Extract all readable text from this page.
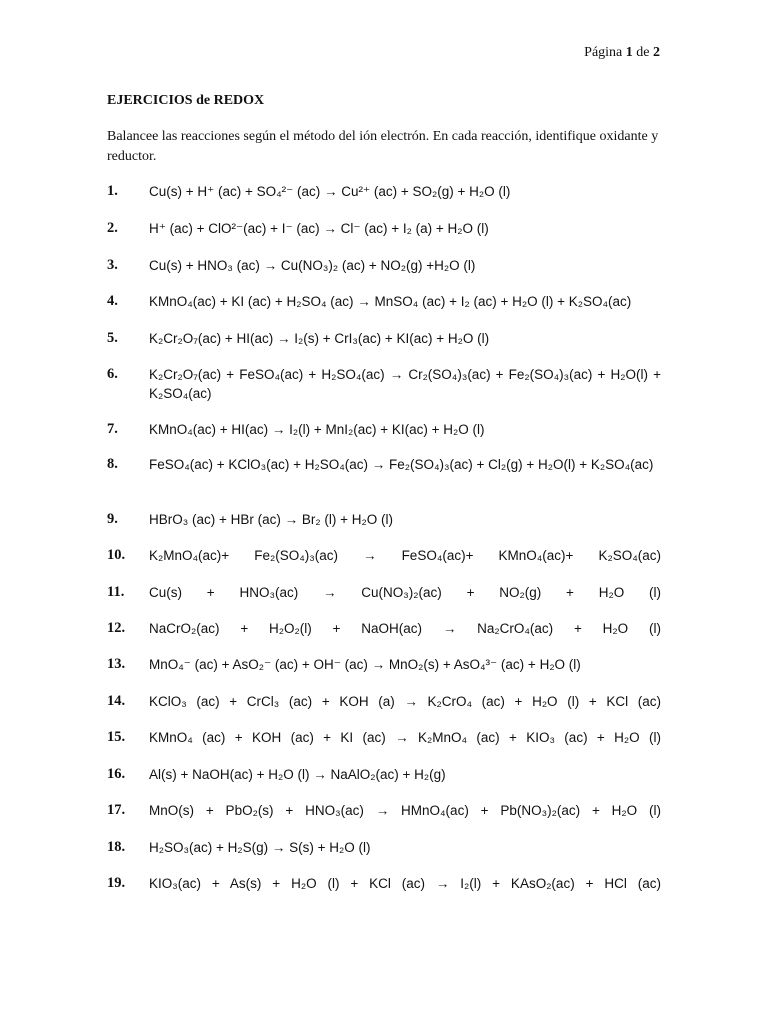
Página 1 de 2
EJERCICIOS de REDOX
Balancee las reacciones según el método del ión electrón. En cada reacción, identifique oxidante y reductor.
1.	Cu(s) + H⁺ (ac) + SO₄²⁻ (ac) → Cu²⁺ (ac) + SO₂(g) + H₂O (l)
2.	H⁺ (ac) + ClO²⁻(ac) + I⁻ (ac) → Cl⁻ (ac) + I₂ (a) + H₂O (l)
3.	Cu(s) + HNO₃ (ac) → Cu(NO₃)₂ (ac) + NO₂(g) +H₂O (l)
4.	KMnO₄(ac) + KI (ac) + H₂SO₄ (ac) → MnSO₄ (ac) + I₂ (ac) + H₂O (l) + K₂SO₄(ac)
5.	K₂Cr₂O₇(ac) + HI(ac) → I₂(s) + CrI₃(ac) + KI(ac) + H₂O (l)
6.	K₂Cr₂O₇(ac) + FeSO₄(ac) + H₂SO₄(ac) → Cr₂(SO₄)₃(ac) + Fe₂(SO₄)₃(ac) + H₂O(l) + K₂SO₄(ac)
7.	KMnO₄(ac) + HI(ac) → I₂(l) + MnI₂(ac) + KI(ac) + H₂O (l)
8.	FeSO₄(ac) + KClO₃(ac) + H₂SO₄(ac) → Fe₂(SO₄)₃(ac) + Cl₂(g) + H₂O(l) + K₂SO₄(ac)
9.	HBrO₃ (ac) + HBr (ac) → Br₂ (l) + H₂O (l)
10.	K₂MnO₄(ac)+ Fe₂(SO₄)₃(ac) → FeSO₄(ac)+ KMnO₄(ac)+ K₂SO₄(ac)
11.	Cu(s) + HNO₃(ac) → Cu(NO₃)₂(ac) + NO₂(g) + H₂O (l)
12.	NaCrO₂(ac) + H₂O₂(l) + NaOH(ac) → Na₂CrO₄(ac) + H₂O (l)
13.	MnO₄⁻ (ac) + AsO₂⁻ (ac) + OH⁻ (ac) → MnO₂(s) + AsO₄³⁻ (ac) + H₂O (l)
14.	KClO₃ (ac) + CrCl₃ (ac) + KOH (a) → K₂CrO₄ (ac) + H₂O (l) + KCl (ac)
15.	KMnO₄ (ac) + KOH (ac) + KI (ac) → K₂MnO₄ (ac) + KIO₃ (ac) + H₂O (l)
16.	Al(s) + NaOH(ac) + H₂O (l) → NaAlO₂(ac) + H₂(g)
17.	MnO(s) + PbO₂(s) + HNO₃(ac) → HMnO₄(ac) + Pb(NO₃)₂(ac) + H₂O (l)
18.	H₂SO₃(ac) + H₂S(g) → S(s) + H₂O (l)
19.	KIO₃(ac) + As(s) + H₂O (l) + KCl (ac) → I₂(l) + KAsO₂(ac) + HCl (ac)
